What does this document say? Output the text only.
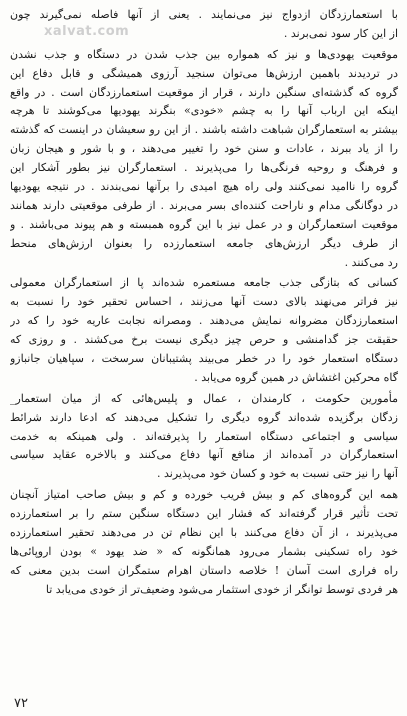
با استعمارزدگان ازدواج نیز می‌نمایند . یعنی از آنها فاصله نمی‌گیرند چون
از این کار سود نمی‌برند .
موقعیت یهودی‌ها و نیز که همواره بین جذب شدن در دستگاه و جذب نشدن
در تردیدند باهمین ارزش‌ها می‌توان سنجید آرزوی همیشگی و قابل دفاع این
گروه که گذشته‌ای سنگین دارند ، قرار از موقعیت استعمارزدگان است . در واقع
اینکه این ارباب آنها را به چشم «خودی» بنگرند یهودیها می‌کوشند تا هرچه
بیشتر به استعمارگران شباهت داشته باشند . از این رو سعیشان در اینست که گذشته
را از یاد ببرند ، عادات و سنن خود را تغییر می‌دهند ، و با شور و هیجان زبان
و فرهنگ و روحیه فرنگی‌ها را می‌پذیرند . استعمارگران نیز بطور آشکار این
گروه را ناامید نمی‌کنند ولی راه هیچ امیدی را برآنها نمی‌بندند . در نتیجه یهودیها
در دوگانگی مدام و ناراحت کننده‌ای بسر می‌برند . از طرفی موقعیتی دارند همانند
موقعیت استعمارگران و در عمل نیز با این گروه همبسته و هم پیوند می‌باشند . و
از طرف دیگر ارزش‌های جامعه استعمارزده را بعنوان ارزش‌های منحط
رد می‌کنند .
کسانی که بتازگی جذب جامعه مستعمره شده‌اند پا از استعمارگران معمولی
نیز فراتر می‌نهند بالای دست آنها می‌زنند ، احساس تحقیر خود را نسبت به
استعمارزدگان مضروانه نمایش می‌دهند . ومصرانه نجابت عاریه خود را که در
حقیقت جز گدامنشی و حرص چیز دیگری نیست برخ می‌کشند . و روزی که
دستگاه استعمار خود را در خطر می‌بیند پشتیبانان سرسخت ، سپاهیان جانبازو
گاه محرکین اغتشاش در همین گروه می‌یابد .
مأمورین حکومت ، کارمندان ، عمال و پلیس‌هائی که از میان استعمار_
زدگان برگزیده شده‌اند گروه دیگری را تشکیل می‌دهند که ادعا دارند شرائط
سیاسی و اجتماعی دستگاه استعمار را پذیرفته‌اند . ولی همینکه به خدمت
استعمارگران در آمده‌اند از منافع آنها دفاع می‌کنند و بالاخره عقاید سیاسی
آنها را نیز حتی نسبت به خود و کسان خود می‌پذیرند .
همه این گروه‌های کم و بیش فریب خورده و کم و بیش صاحب امتیاز آنچنان
تحت تأثیر قرار گرفته‌اند که فشار این دستگاه سنگین ستم را بر استعمارزده
می‌پذیرند ، از آن دفاع می‌کنند با این نظام تن در می‌دهند تحقیر استعمارزده
خود راه تسکینی بشمار می‌رود همانگونه که « ضد یهود » بودن اروپائی‌ها
راه فراری است آسان ! خلاصه داستان اهرام ستمگران است بدین معنی که
هر فردی توسط توانگر از خودی استثمار می‌شود وضعیف‌تر از خودی می‌یابد تا
xalvat.com
۷۲
